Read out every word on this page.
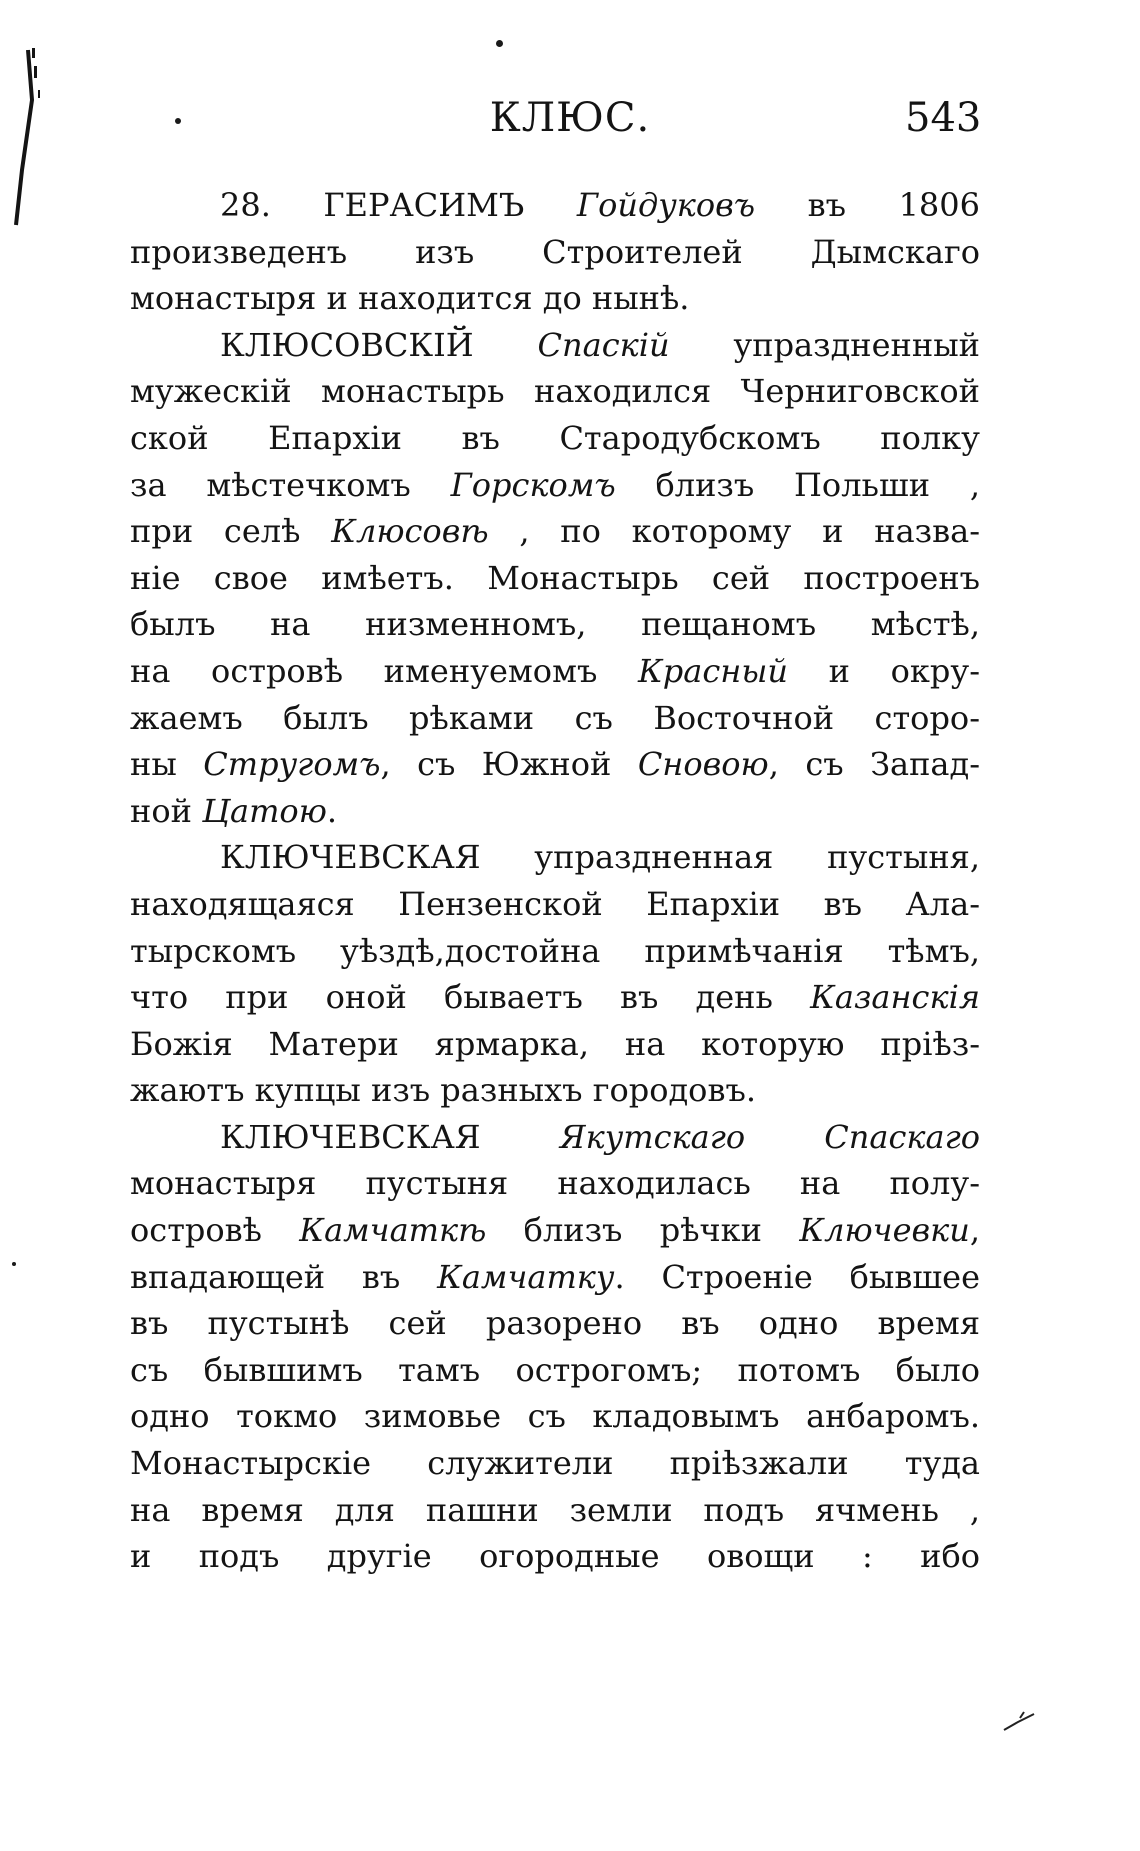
КЛЮС.	543
28. ГЕРАСИМЪ Гойдуковъ въ 1806
произведенъ изъ Строителей Дымскаго
монастыря и находится до нынѣ.
КЛЮСОВСКІЙ Спаскій упраздненный
мужескій монастырь находился Черниговской
ской Епархіи въ Стародубскомъ полку
за мѣстечкомъ Горскомъ близъ Польши ,
при селѣ Клюсовѣ , по которому и назва-
ніе свое имѣетъ. Монастырь сей построенъ
былъ на низменномъ, пещаномъ мѣстѣ,
на островѣ именуемомъ Красный и окру-
жаемъ былъ рѣками съ Восточной сторо-
ны Стругомъ, съ Южной Сновою, съ Запад-
ной Цатою.
КЛЮЧЕВСКАЯ упраздненная пустыня,
находящаяся Пензенской Епархіи въ Ала-
тырскомъ уѣздѣ,достойна примѣчанія тѣмъ,
что при оной бываетъ въ день Казанскія
Божія Матери ярмарка, на которую пріѣз-
жаютъ купцы изъ разныхъ городовъ.
КЛЮЧЕВСКАЯ Якутскаго Спаскаго
монастыря пустыня находилась на полу-
островѣ Камчаткѣ близъ рѣчки Ключевки,
впадающей въ Камчатку. Строеніе бывшее
въ пустынѣ сей разорено въ одно время
съ бывшимъ тамъ острогомъ; потомъ было
одно токмо зимовье съ кладовымъ анбаромъ.
Монастырскіе служители пріѣзжали туда
на время для пашни земли подъ ячмень ,
и подъ другіе огородные овощи : ибо
